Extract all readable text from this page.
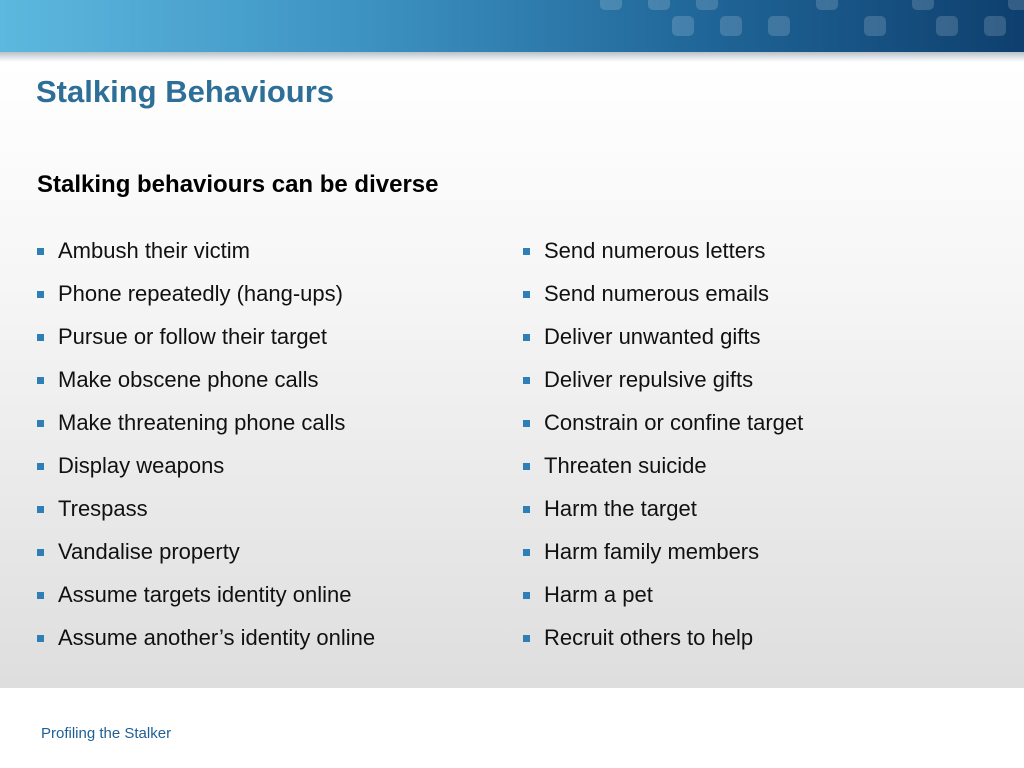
Stalking Behaviours
Stalking behaviours can be diverse
Ambush their victim
Phone repeatedly (hang-ups)
Pursue or follow their target
Make obscene phone calls
Make threatening phone calls
Display weapons
Trespass
Vandalise property
Assume targets identity online
Assume another’s identity online
Send numerous letters
Send numerous emails
Deliver unwanted gifts
Deliver repulsive gifts
Constrain or confine target
Threaten suicide
Harm the target
Harm family members
Harm a pet
Recruit others to help
Profiling the Stalker
